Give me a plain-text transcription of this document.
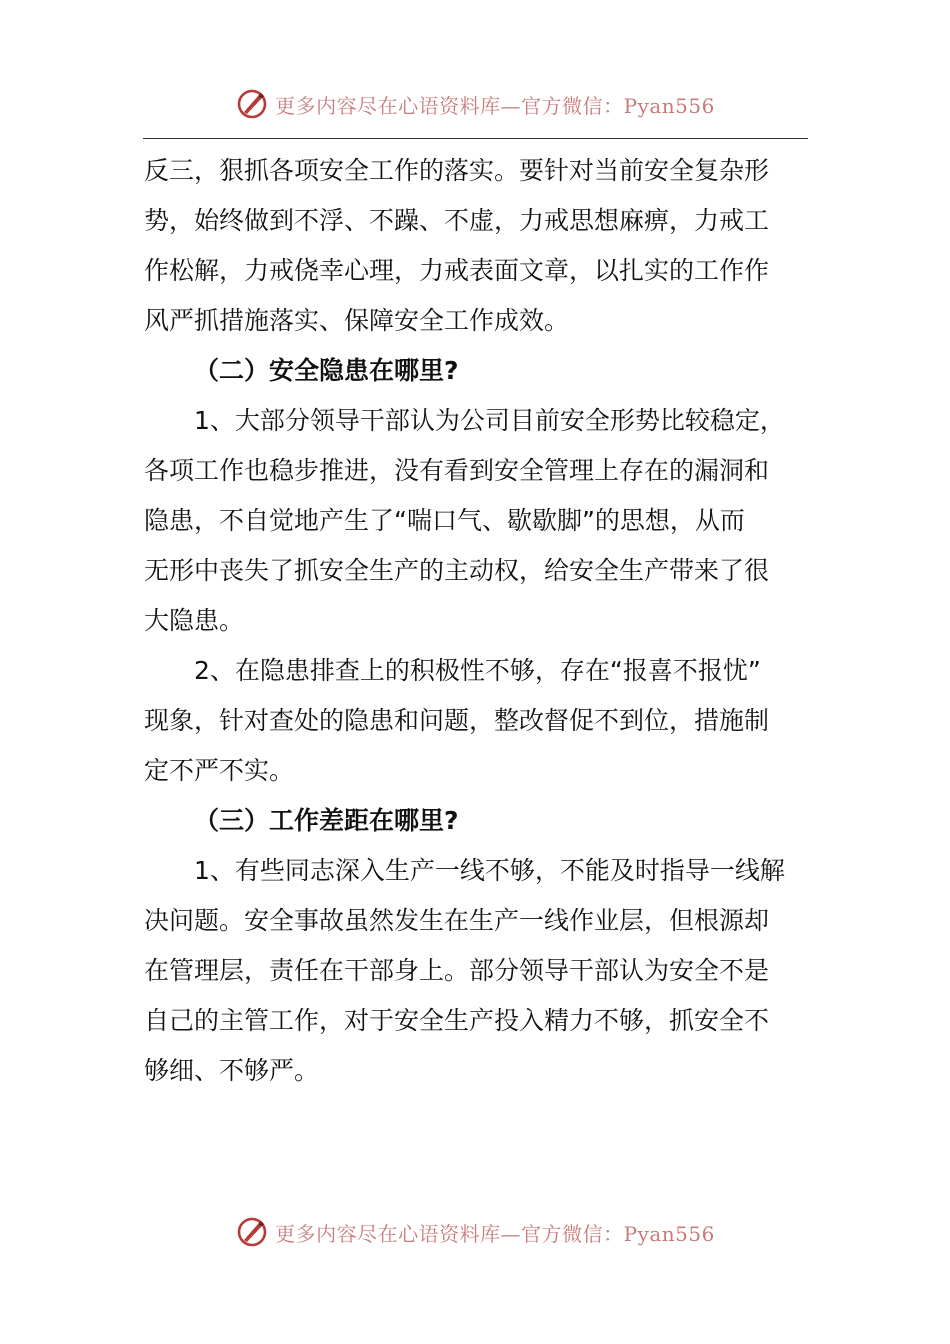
更多内容尽在心语资料库—官方微信：Pyan556
反三，狠抓各项安全工作的落实。要针对当前安全复杂形
势，始终做到不浮、不躁、不虚，力戒思想麻痹，力戒工
作松解，力戒侥幸心理，力戒表面文章，以扎实的工作作
风严抓措施落实、保障安全工作成效。
（二）安全隐患在哪里?
1、大部分领导干部认为公司目前安全形势比较稳定，
各项工作也稳步推进，没有看到安全管理上存在的漏洞和
隐患，不自觉地产生了“喘口气、歇歇脚”的思想，从而
无形中丧失了抓安全生产的主动权，给安全生产带来了很
大隐患。
2、在隐患排查上的积极性不够，存在“报喜不报忧”
现象，针对查处的隐患和问题，整改督促不到位，措施制
定不严不实。
（三）工作差距在哪里?
1、有些同志深入生产一线不够，不能及时指导一线解
决问题。安全事故虽然发生在生产一线作业层，但根源却
在管理层，责任在干部身上。部分领导干部认为安全不是
自己的主管工作，对于安全生产投入精力不够，抓安全不
够细、不够严。
更多内容尽在心语资料库—官方微信：Pyan556
